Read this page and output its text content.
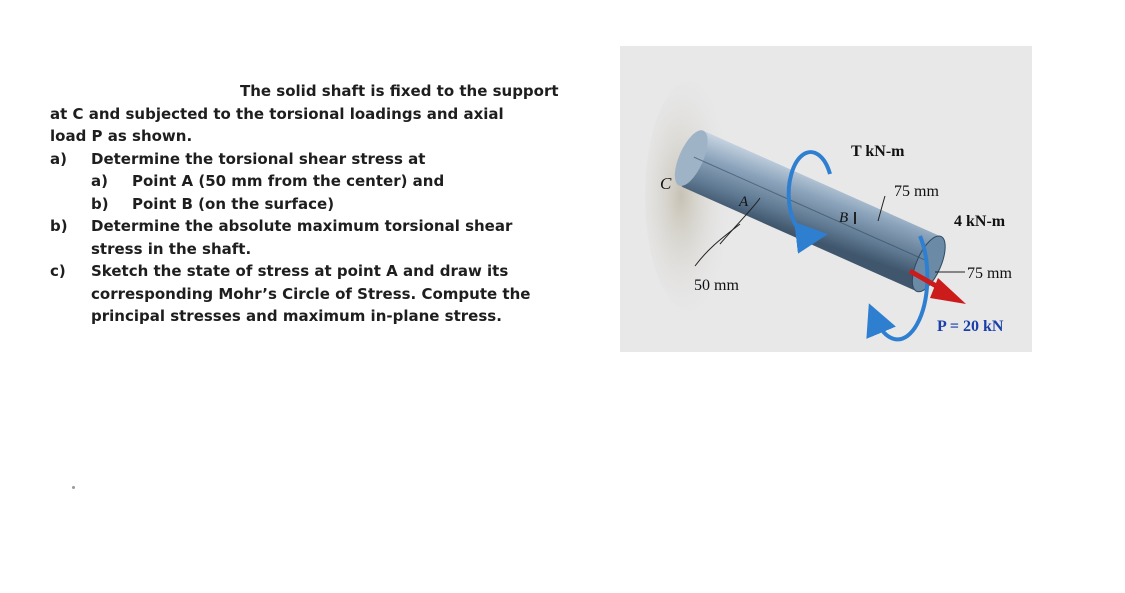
The solid shaft is fixed to the support
at C and subjected to the torsional loadings and axial
load P as shown.
a)	Determine the torsional shear stress at
a)	Point A (50 mm from the center) and
b)	Point B (on the surface)
b)	Determine the absolute maximum torsional shear
stress in the shaft.
c)	Sketch the state of stress at point A and draw its
corresponding Mohr’s Circle of Stress. Compute the
principal stresses and maximum in-plane stress.
C
A
B
T kN-m
75 mm
4 kN-m
75 mm
50 mm
P = 20 kN
